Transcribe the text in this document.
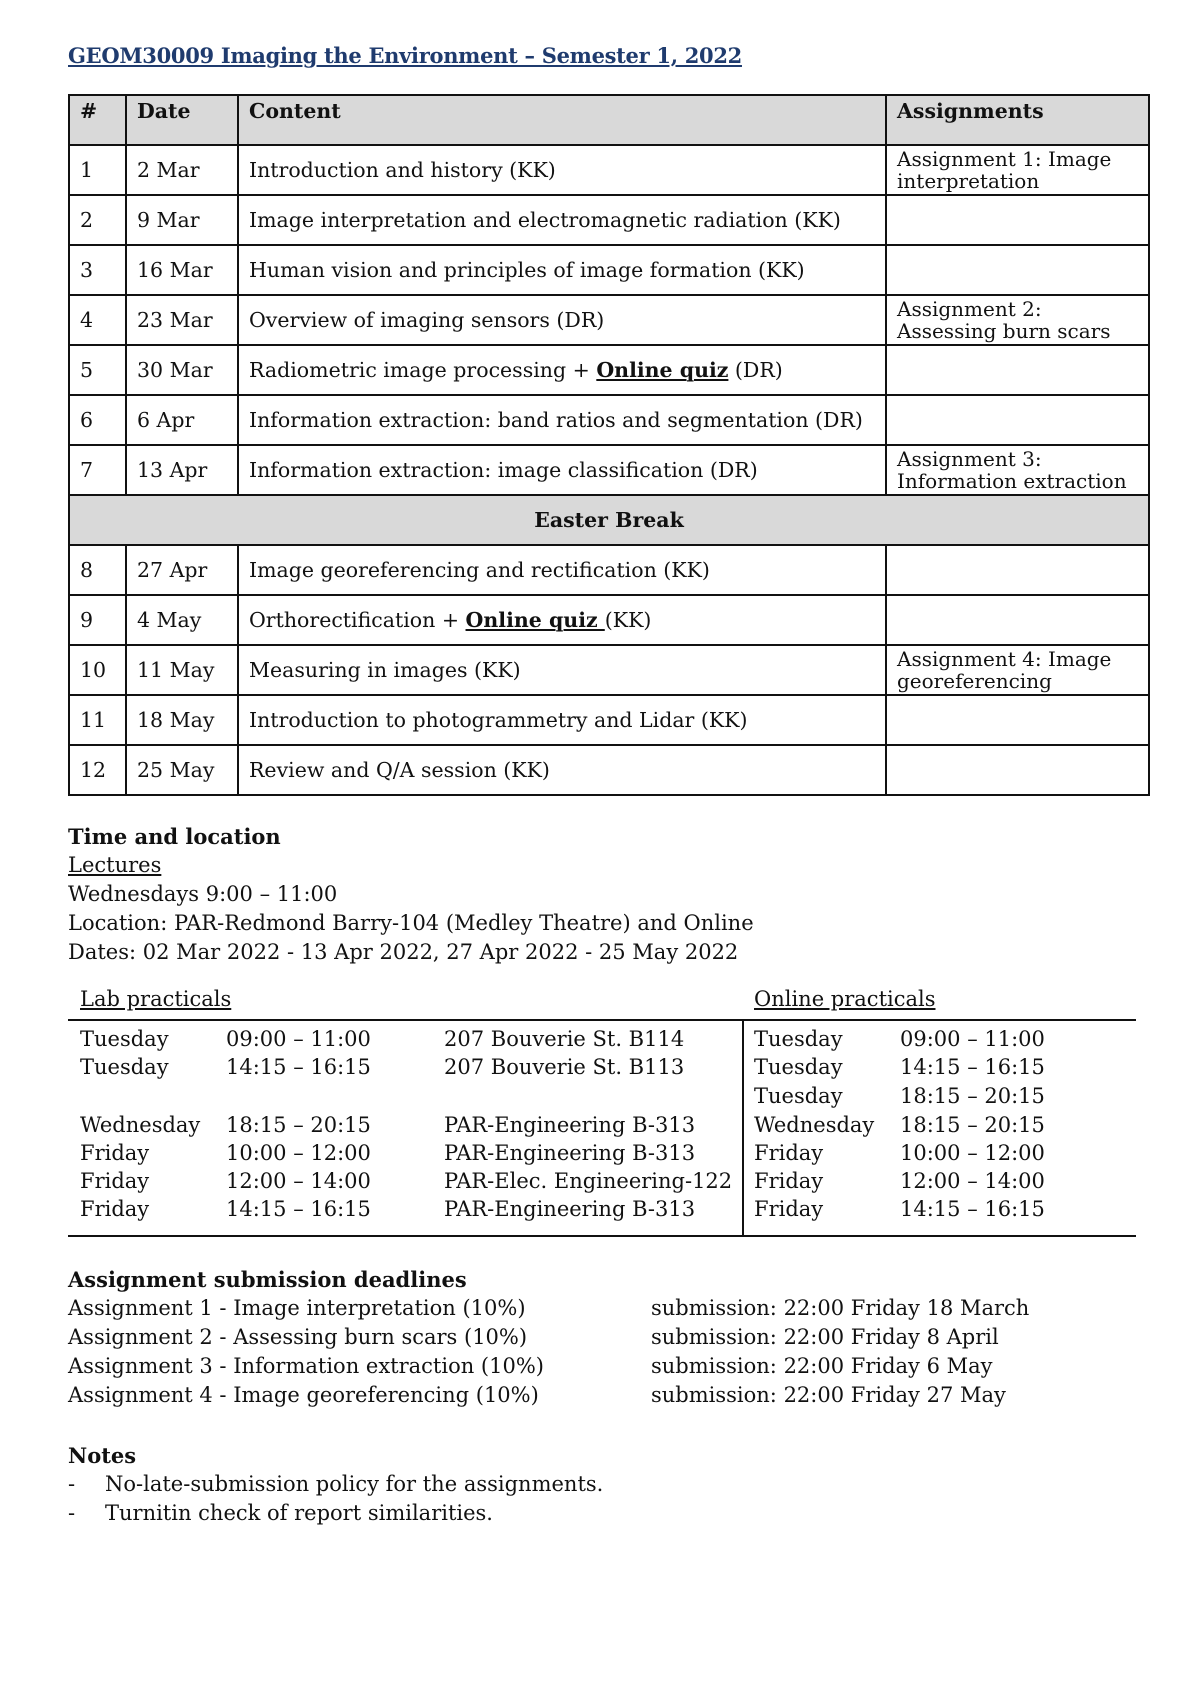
GEOM30009 Imaging the Environment – Semester 1, 2022
#	Date	Content	Assignments
1	2 Mar	Introduction and history (KK)	Assignment 1: Image interpretation
2	9 Mar	Image interpretation and electromagnetic radiation (KK)	
3	16 Mar	Human vision and principles of image formation (KK)	
4	23 Mar	Overview of imaging sensors (DR)	Assignment 2: Assessing burn scars
5	30 Mar	Radiometric image processing + Online quiz (DR)	
6	6 Apr	Information extraction: band ratios and segmentation (DR)	
7	13 Apr	Information extraction: image classification (DR)	Assignment 3: Information extraction
Easter Break			
8	27 Apr	Image georeferencing and rectification (KK)	
9	4 May	Orthorectification + Online quiz (KK)	
10	11 May	Measuring in images (KK)	Assignment 4: Image georeferencing
11	18 May	Introduction to photogrammetry and Lidar (KK)	
12	25 May	Review and Q/A session (KK)	
Time and location
Lectures
Wednesdays 9:00 – 11:00
Location: PAR-Redmond Barry-104 (Medley Theatre) and Online
Dates: 02 Mar 2022 - 13 Apr 2022, 27 Apr 2022 - 25 May 2022
Lab practicals	Online practicals
Tuesday	09:00 – 11:00	207 Bouverie St. B114
Tuesday	14:15 – 16:15	207 Bouverie St. B113
Wednesday 18:15 – 20:15	PAR-Engineering B-313
Friday	10:00 – 12:00	PAR-Engineering B-313
Friday	12:00 – 14:00	PAR-Elec. Engineering-122
Friday	14:15 – 16:15	PAR-Engineering B-313
Tuesday	09:00 – 11:00
Tuesday	14:15 – 16:15
Tuesday	18:15 – 20:15
Wednesday 18:15 – 20:15
Friday	10:00 – 12:00
Friday	12:00 – 14:00
Friday	14:15 – 16:15
Assignment submission deadlines
Assignment 1 - Image interpretation (10%)	submission: 22:00 Friday 18 March
Assignment 2 - Assessing burn scars (10%)	submission: 22:00 Friday 8 April
Assignment 3 - Information extraction (10%)	submission: 22:00 Friday 6 May
Assignment 4 - Image georeferencing (10%)	submission: 22:00 Friday 27 May
Notes
- No-late-submission policy for the assignments.
- Turnitin check of report similarities.
